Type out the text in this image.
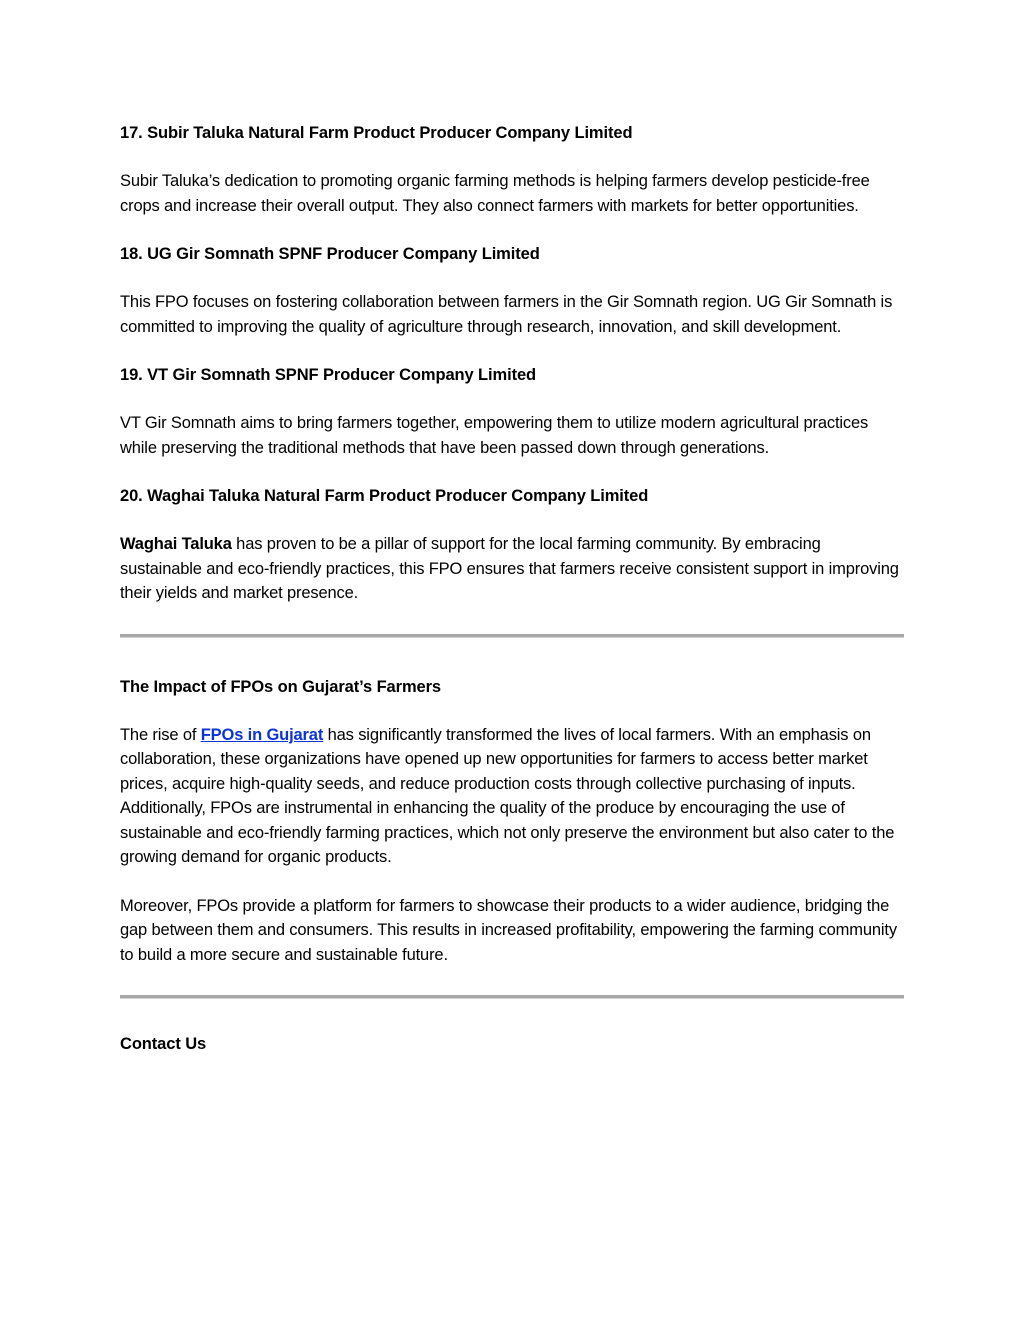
17. Subir Taluka Natural Farm Product Producer Company Limited

Subir Taluka’s dedication to promoting organic farming methods is helping farmers develop pesticide-free crops and increase their overall output. They also connect farmers with markets for better opportunities.

18. UG Gir Somnath SPNF Producer Company Limited

This FPO focuses on fostering collaboration between farmers in the Gir Somnath region. UG Gir Somnath is committed to improving the quality of agriculture through research, innovation, and skill development.

19. VT Gir Somnath SPNF Producer Company Limited

VT Gir Somnath aims to bring farmers together, empowering them to utilize modern agricultural practices while preserving the traditional methods that have been passed down through generations.

20. Waghai Taluka Natural Farm Product Producer Company Limited

Waghai Taluka has proven to be a pillar of support for the local farming community. By embracing sustainable and eco-friendly practices, this FPO ensures that farmers receive consistent support in improving their yields and market presence.

The Impact of FPOs on Gujarat’s Farmers

The rise of FPOs in Gujarat has significantly transformed the lives of local farmers. With an emphasis on collaboration, these organizations have opened up new opportunities for farmers to access better market prices, acquire high-quality seeds, and reduce production costs through collective purchasing of inputs. Additionally, FPOs are instrumental in enhancing the quality of the produce by encouraging the use of sustainable and eco-friendly farming practices, which not only preserve the environment but also cater to the growing demand for organic products.

Moreover, FPOs provide a platform for farmers to showcase their products to a wider audience, bridging the gap between them and consumers. This results in increased profitability, empowering the farming community to build a more secure and sustainable future.

Contact Us
